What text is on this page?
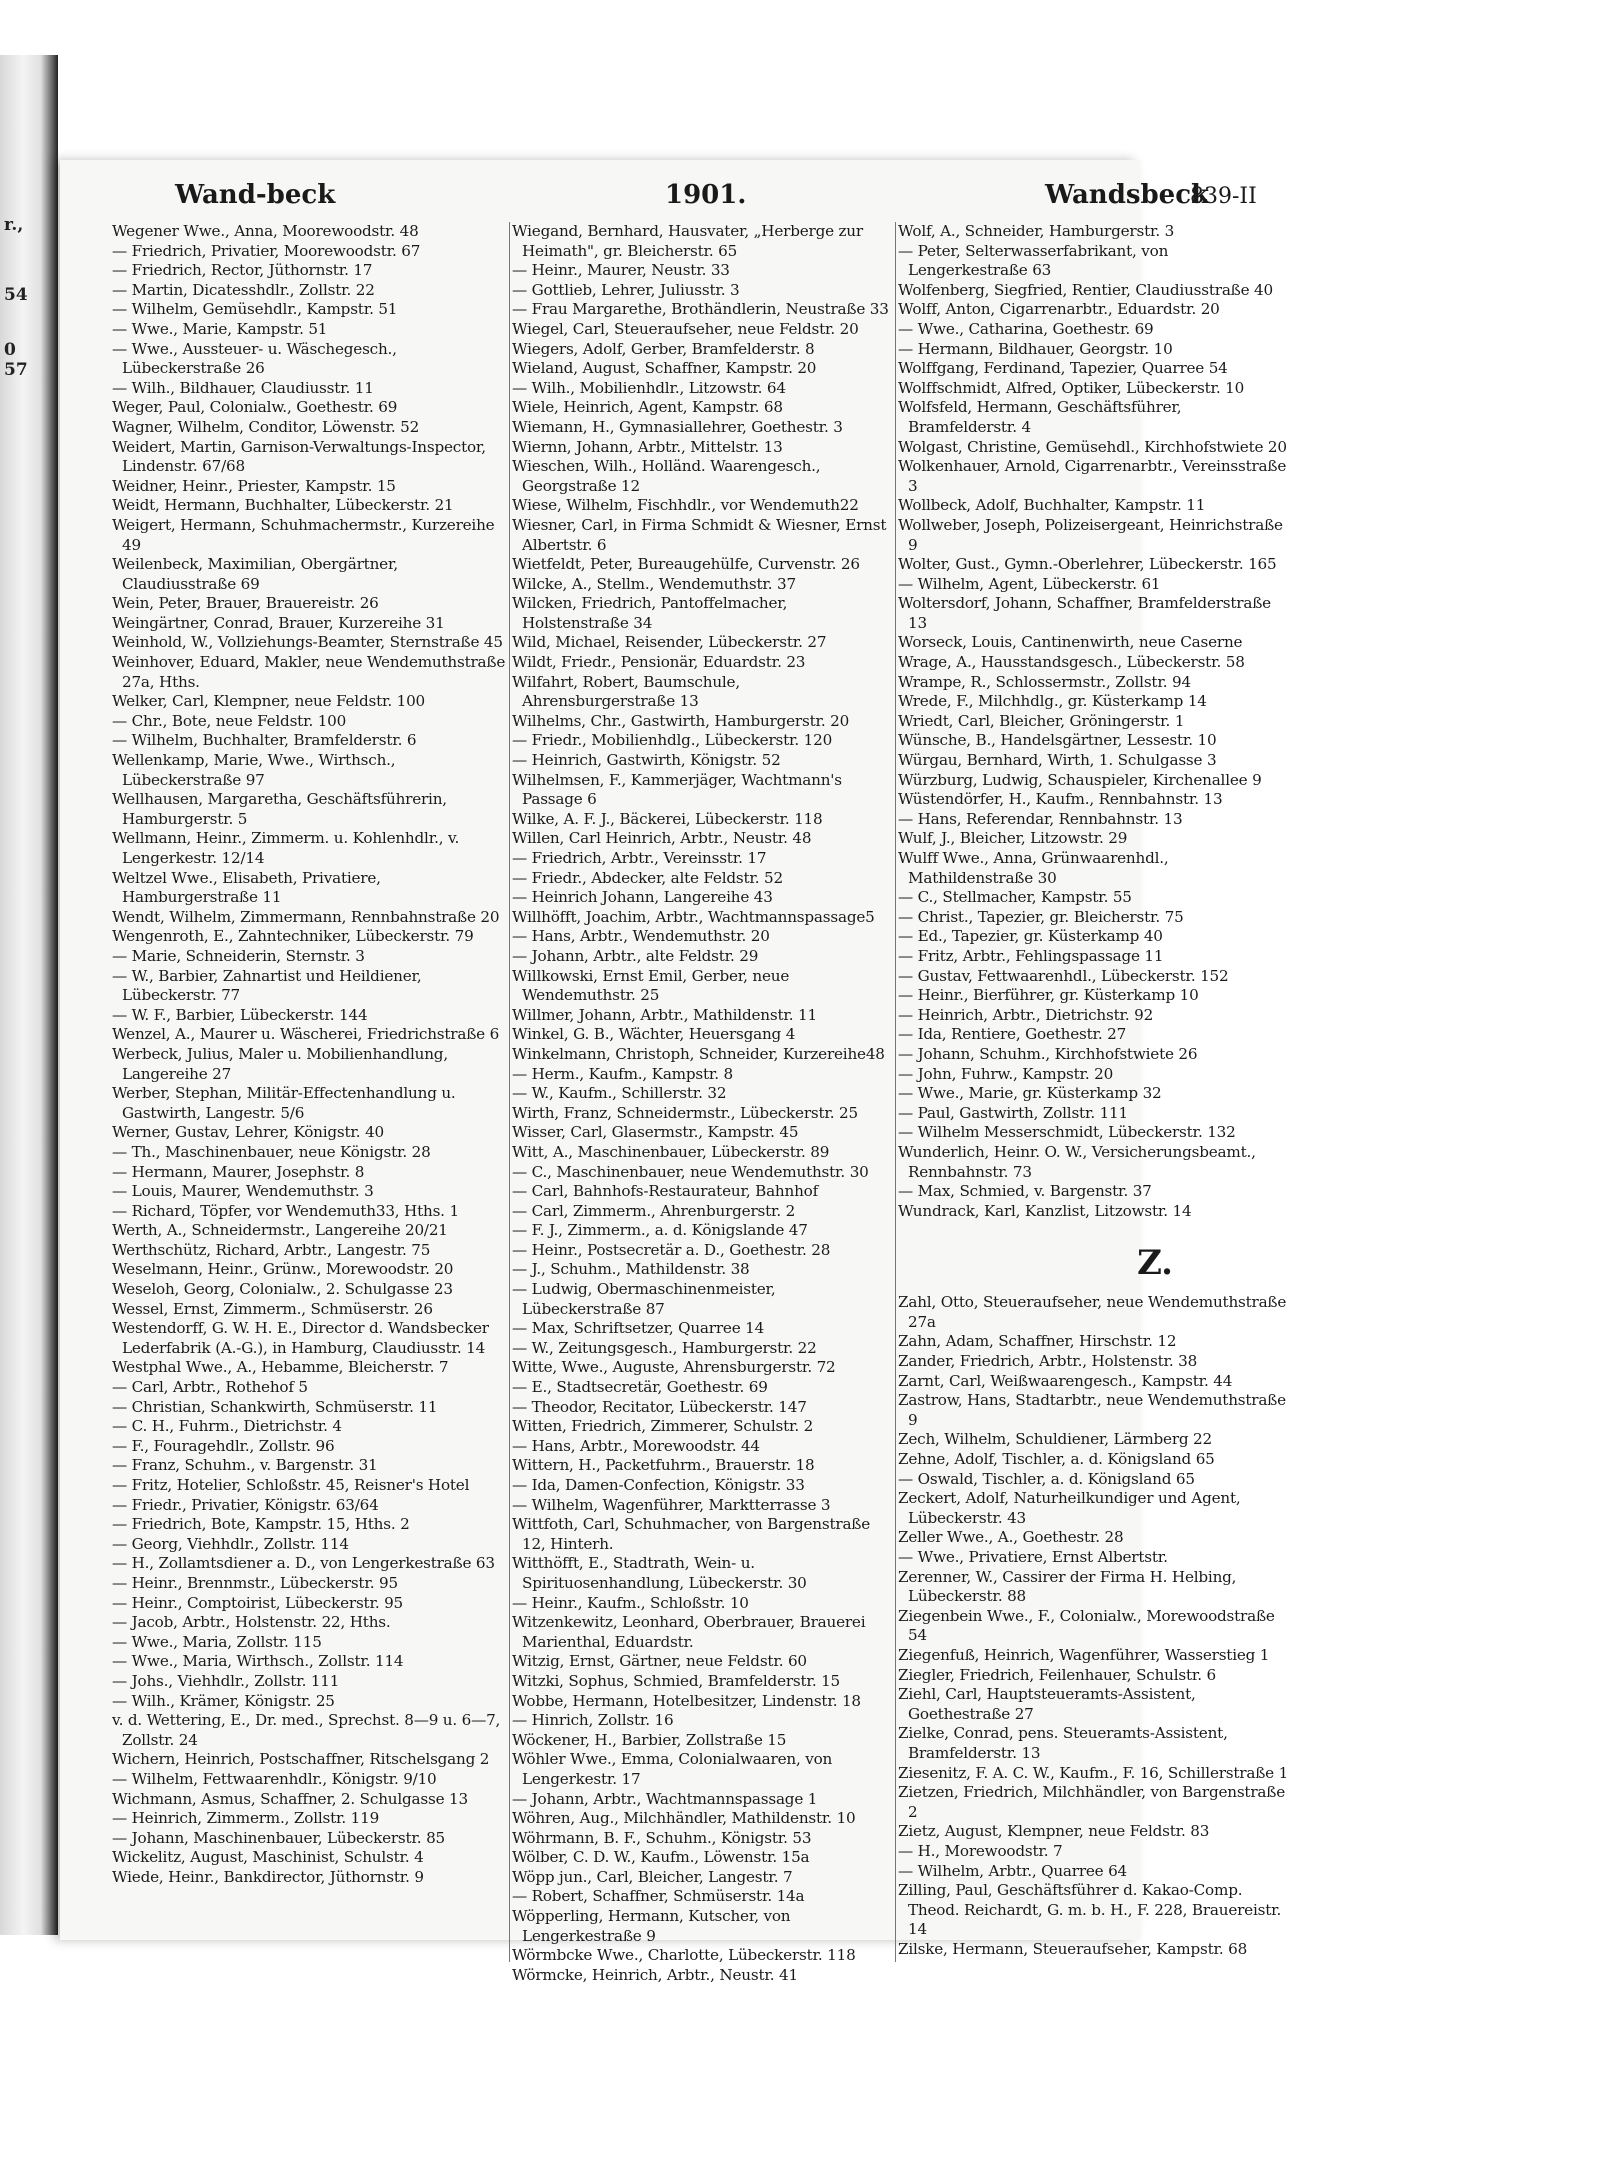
r.,
54
0
57
Wand-beck	1901.	Wandsbeck
839-II
Wegener Wwe., Anna, Moorewoodstr. 48
— Friedrich, Privatier, Moorewoodstr. 67
— Friedrich, Rector, Jüthornstr. 17
— Martin, Dicatesshdlr., Zollstr. 22
— Wilhelm, Gemüsehdlr., Kampstr. 51
— Wwe., Marie, Kampstr. 51
— Wwe., Aussteuer- u. Wäschegesch., Lübeckerstraße 26
— Wilh., Bildhauer, Claudiusstr. 11
Weger, Paul, Colonialw., Goethestr. 69
Wagner, Wilhelm, Conditor, Löwenstr. 52
Weidert, Martin, Garnison-Verwaltungs-Inspector, Lindenstr. 67/68
Weidner, Heinr., Priester, Kampstr. 15
Weidt, Hermann, Buchhalter, Lübeckerstr. 21
Weigert, Hermann, Schuhmachermstr., Kurzereihe 49
Weilenbeck, Maximilian, Obergärtner, Claudiusstraße 69
Wein, Peter, Brauer, Brauereistr. 26
Weingärtner, Conrad, Brauer, Kurzereihe 31
Weinhold, W., Vollziehungs-Beamter, Sternstraße 45
Weinhover, Eduard, Makler, neue Wendemuthstraße 27a, Hths.
Welker, Carl, Klempner, neue Feldstr. 100
— Chr., Bote, neue Feldstr. 100
— Wilhelm, Buchhalter, Bramfelderstr. 6
Wellenkamp, Marie, Wwe., Wirthsch., Lübeckerstraße 97
Wellhausen, Margaretha, Geschäftsführerin, Hamburgerstr. 5
Wellmann, Heinr., Zimmerm. u. Kohlenhdlr., v. Lengerkestr. 12/14
Weltzel Wwe., Elisabeth, Privatiere, Hamburgerstraße 11
Wendt, Wilhelm, Zimmermann, Rennbahnstraße 20
Wengenroth, E., Zahntechniker, Lübeckerstr. 79
— Marie, Schneiderin, Sternstr. 3
— W., Barbier, Zahnartist und Heildiener, Lübeckerstr. 77
— W. F., Barbier, Lübeckerstr. 144
Wenzel, A., Maurer u. Wäscherei, Friedrichstraße 6
Werbeck, Julius, Maler u. Mobilienhandlung, Langereihe 27
Werber, Stephan, Militär-Effectenhandlung u. Gastwirth, Langestr. 5/6
Werner, Gustav, Lehrer, Königstr. 40
— Th., Maschinenbauer, neue Königstr. 28
— Hermann, Maurer, Josephstr. 8
— Louis, Maurer, Wendemuthstr. 3
— Richard, Töpfer, vor Wendemuth33, Hths. 1
Werth, A., Schneidermstr., Langereihe 20/21
Werthschütz, Richard, Arbtr., Langestr. 75
Weselmann, Heinr., Grünw., Morewoodstr. 20
Weseloh, Georg, Colonialw., 2. Schulgasse 23
Wessel, Ernst, Zimmerm., Schmüserstr. 26
Westendorff, G. W. H. E., Director d. Wandsbecker Lederfabrik (A.-G.), in Hamburg, Claudiusstr. 14
Westphal Wwe., A., Hebamme, Bleicherstr. 7
— Carl, Arbtr., Rothehof 5
— Christian, Schankwirth, Schmüserstr. 11
— C. H., Fuhrm., Dietrichstr. 4
— F., Fouragehdlr., Zollstr. 96
— Franz, Schuhm., v. Bargenstr. 31
— Fritz, Hotelier, Schloßstr. 45, Reisner's Hotel
— Friedr., Privatier, Königstr. 63/64
— Friedrich, Bote, Kampstr. 15, Hths. 2
— Georg, Viehhdlr., Zollstr. 114
— H., Zollamtsdiener a. D., von Lengerkestraße 63
— Heinr., Brennmstr., Lübeckerstr. 95
— Heinr., Comptoirist, Lübeckerstr. 95
— Jacob, Arbtr., Holstenstr. 22, Hths.
— Wwe., Maria, Zollstr. 115
— Wwe., Maria, Wirthsch., Zollstr. 114
— Johs., Viehhdlr., Zollstr. 111
— Wilh., Krämer, Königstr. 25
v. d. Wettering, E., Dr. med., Sprechst. 8—9 u. 6—7, Zollstr. 24
Wichern, Heinrich, Postschaffner, Ritschelsgang 2
— Wilhelm, Fettwaarenhdlr., Königstr. 9/10
Wichmann, Asmus, Schaffner, 2. Schulgasse 13
— Heinrich, Zimmerm., Zollstr. 119
— Johann, Maschinenbauer, Lübeckerstr. 85
Wickelitz, August, Maschinist, Schulstr. 4
Wiede, Heinr., Bankdirector, Jüthornstr. 9
Wiegand, Bernhard, Hausvater, „Herberge zur Heimath", gr. Bleicherstr. 65
— Heinr., Maurer, Neustr. 33
— Gottlieb, Lehrer, Juliusstr. 3
— Frau Margarethe, Brothändlerin, Neustraße 33
Wiegel, Carl, Steueraufseher, neue Feldstr. 20
Wiegers, Adolf, Gerber, Bramfelderstr. 8
Wieland, August, Schaffner, Kampstr. 20
— Wilh., Mobilienhdlr., Litzowstr. 64
Wiele, Heinrich, Agent, Kampstr. 68
Wiemann, H., Gymnasiallehrer, Goethestr. 3
Wiernn, Johann, Arbtr., Mittelstr. 13
Wieschen, Wilh., Holländ. Waarengesch., Georgstraße 12
Wiese, Wilhelm, Fischhdlr., vor Wendemuth22
Wiesner, Carl, in Firma Schmidt & Wiesner, Ernst Albertstr. 6
Wietfeldt, Peter, Bureaugehülfe, Curvenstr. 26
Wilcke, A., Stellm., Wendemuthstr. 37
Wilcken, Friedrich, Pantoffelmacher, Holstenstraße 34
Wild, Michael, Reisender, Lübeckerstr. 27
Wildt, Friedr., Pensionär, Eduardstr. 23
Wilfahrt, Robert, Baumschule, Ahrensburgerstraße 13
Wilhelms, Chr., Gastwirth, Hamburgerstr. 20
— Friedr., Mobilienhdlg., Lübeckerstr. 120
— Heinrich, Gastwirth, Königstr. 52
Wilhelmsen, F., Kammerjäger, Wachtmann's Passage 6
Wilke, A. F. J., Bäckerei, Lübeckerstr. 118
Willen, Carl Heinrich, Arbtr., Neustr. 48
— Friedrich, Arbtr., Vereinsstr. 17
— Friedr., Abdecker, alte Feldstr. 52
— Heinrich Johann, Langereihe 43
Willhöfft, Joachim, Arbtr., Wachtmannspassage5
— Hans, Arbtr., Wendemuthstr. 20
— Johann, Arbtr., alte Feldstr. 29
Willkowski, Ernst Emil, Gerber, neue Wendemuthstr. 25
Willmer, Johann, Arbtr., Mathildenstr. 11
Winkel, G. B., Wächter, Heuersgang 4
Winkelmann, Christoph, Schneider, Kurzereihe48
— Herm., Kaufm., Kampstr. 8
— W., Kaufm., Schillerstr. 32
Wirth, Franz, Schneidermstr., Lübeckerstr. 25
Wisser, Carl, Glasermstr., Kampstr. 45
Witt, A., Maschinenbauer, Lübeckerstr. 89
— C., Maschinenbauer, neue Wendemuthstr. 30
— Carl, Bahnhofs-Restaurateur, Bahnhof
— Carl, Zimmerm., Ahrenburgerstr. 2
— F. J., Zimmerm., a. d. Königslande 47
— Heinr., Postsecretär a. D., Goethestr. 28
— J., Schuhm., Mathildenstr. 38
— Ludwig, Obermaschinenmeister, Lübeckerstraße 87
— Max, Schriftsetzer, Quarree 14
— W., Zeitungsgesch., Hamburgerstr. 22
Witte, Wwe., Auguste, Ahrensburgerstr. 72
— E., Stadtsecretär, Goethestr. 69
— Theodor, Recitator, Lübeckerstr. 147
Witten, Friedrich, Zimmerer, Schulstr. 2
— Hans, Arbtr., Morewoodstr. 44
Wittern, H., Packetfuhrm., Brauerstr. 18
— Ida, Damen-Confection, Königstr. 33
— Wilhelm, Wagenführer, Marktterrasse 3
Wittfoth, Carl, Schuhmacher, von Bargenstraße 12, Hinterh.
Witthöfft, E., Stadtrath, Wein- u. Spirituosenhandlung, Lübeckerstr. 30
— Heinr., Kaufm., Schloßstr. 10
Witzenkewitz, Leonhard, Oberbrauer, Brauerei Marienthal, Eduardstr.
Witzig, Ernst, Gärtner, neue Feldstr. 60
Witzki, Sophus, Schmied, Bramfelderstr. 15
Wobbe, Hermann, Hotelbesitzer, Lindenstr. 18
— Hinrich, Zollstr. 16
Wöckener, H., Barbier, Zollstraße 15
Wöhler Wwe., Emma, Colonialwaaren, von Lengerkestr. 17
— Johann, Arbtr., Wachtmannspassage 1
Wöhren, Aug., Milchhändler, Mathildenstr. 10
Wöhrmann, B. F., Schuhm., Königstr. 53
Wölber, C. D. W., Kaufm., Löwenstr. 15a
Wöpp jun., Carl, Bleicher, Langestr. 7
— Robert, Schaffner, Schmüserstr. 14a
Wöpperling, Hermann, Kutscher, von Lengerkestraße 9
Wörmbcke Wwe., Charlotte, Lübeckerstr. 118
Wörmcke, Heinrich, Arbtr., Neustr. 41
Wolf, A., Schneider, Hamburgerstr. 3
— Peter, Selterwasserfabrikant, von Lengerkestraße 63
Wolfenberg, Siegfried, Rentier, Claudiusstraße 40
Wolff, Anton, Cigarrenarbtr., Eduardstr. 20
— Wwe., Catharina, Goethestr. 69
— Hermann, Bildhauer, Georgstr. 10
Wolffgang, Ferdinand, Tapezier, Quarree 54
Wolffschmidt, Alfred, Optiker, Lübeckerstr. 10
Wolfsfeld, Hermann, Geschäftsführer, Bramfelderstr. 4
Wolgast, Christine, Gemüsehdl., Kirchhofstwiete 20
Wolkenhauer, Arnold, Cigarrenarbtr., Vereinsstraße 3
Wollbeck, Adolf, Buchhalter, Kampstr. 11
Wollweber, Joseph, Polizeisergeant, Heinrichstraße 9
Wolter, Gust., Gymn.-Oberlehrer, Lübeckerstr. 165
— Wilhelm, Agent, Lübeckerstr. 61
Woltersdorf, Johann, Schaffner, Bramfelderstraße 13
Worseck, Louis, Cantinenwirth, neue Caserne
Wrage, A., Hausstandsgesch., Lübeckerstr. 58
Wrampe, R., Schlossermstr., Zollstr. 94
Wrede, F., Milchhdlg., gr. Küsterkamp 14
Wriedt, Carl, Bleicher, Gröningerstr. 1
Wünsche, B., Handelsgärtner, Lessestr. 10
Würgau, Bernhard, Wirth, 1. Schulgasse 3
Würzburg, Ludwig, Schauspieler, Kirchenallee 9
Wüstendörfer, H., Kaufm., Rennbahnstr. 13
— Hans, Referendar, Rennbahnstr. 13
Wulf, J., Bleicher, Litzowstr. 29
Wulff Wwe., Anna, Grünwaarenhdl., Mathildenstraße 30
— C., Stellmacher, Kampstr. 55
— Christ., Tapezier, gr. Bleicherstr. 75
— Ed., Tapezier, gr. Küsterkamp 40
— Fritz, Arbtr., Fehlingspassage 11
— Gustav, Fettwaarenhdl., Lübeckerstr. 152
— Heinr., Bierführer, gr. Küsterkamp 10
— Heinrich, Arbtr., Dietrichstr. 92
— Ida, Rentiere, Goethestr. 27
— Johann, Schuhm., Kirchhofstwiete 26
— John, Fuhrw., Kampstr. 20
— Wwe., Marie, gr. Küsterkamp 32
— Paul, Gastwirth, Zollstr. 111
— Wilhelm Messerschmidt, Lübeckerstr. 132
Wunderlich, Heinr. O. W., Versicherungsbeamt., Rennbahnstr. 73
— Max, Schmied, v. Bargenstr. 37
Wundrack, Karl, Kanzlist, Litzowstr. 14
Z.
Zahl, Otto, Steueraufseher, neue Wendemuthstraße 27a
Zahn, Adam, Schaffner, Hirschstr. 12
Zander, Friedrich, Arbtr., Holstenstr. 38
Zarnt, Carl, Weißwaarengesch., Kampstr. 44
Zastrow, Hans, Stadtarbtr., neue Wendemuthstraße 9
Zech, Wilhelm, Schuldiener, Lärmberg 22
Zehne, Adolf, Tischler, a. d. Königsland 65
— Oswald, Tischler, a. d. Königsland 65
Zeckert, Adolf, Naturheilkundiger und Agent, Lübeckerstr. 43
Zeller Wwe., A., Goethestr. 28
— Wwe., Privatiere, Ernst Albertstr.
Zerenner, W., Cassirer der Firma H. Helbing, Lübeckerstr. 88
Ziegenbein Wwe., F., Colonialw., Morewoodstraße 54
Ziegenfuß, Heinrich, Wagenführer, Wasserstieg 1
Ziegler, Friedrich, Feilenhauer, Schulstr. 6
Ziehl, Carl, Hauptsteueramts-Assistent, Goethestraße 27
Zielke, Conrad, pens. Steueramts-Assistent, Bramfelderstr. 13
Ziesenitz, F. A. C. W., Kaufm., F. 16, Schillerstraße 1
Zietzen, Friedrich, Milchhändler, von Bargenstraße 2
Zietz, August, Klempner, neue Feldstr. 83
— H., Morewoodstr. 7
— Wilhelm, Arbtr., Quarree 64
Zilling, Paul, Geschäftsführer d. Kakao-Comp. Theod. Reichardt, G. m. b. H., F. 228, Brauereistr. 14
Zilske, Hermann, Steueraufseher, Kampstr. 68
